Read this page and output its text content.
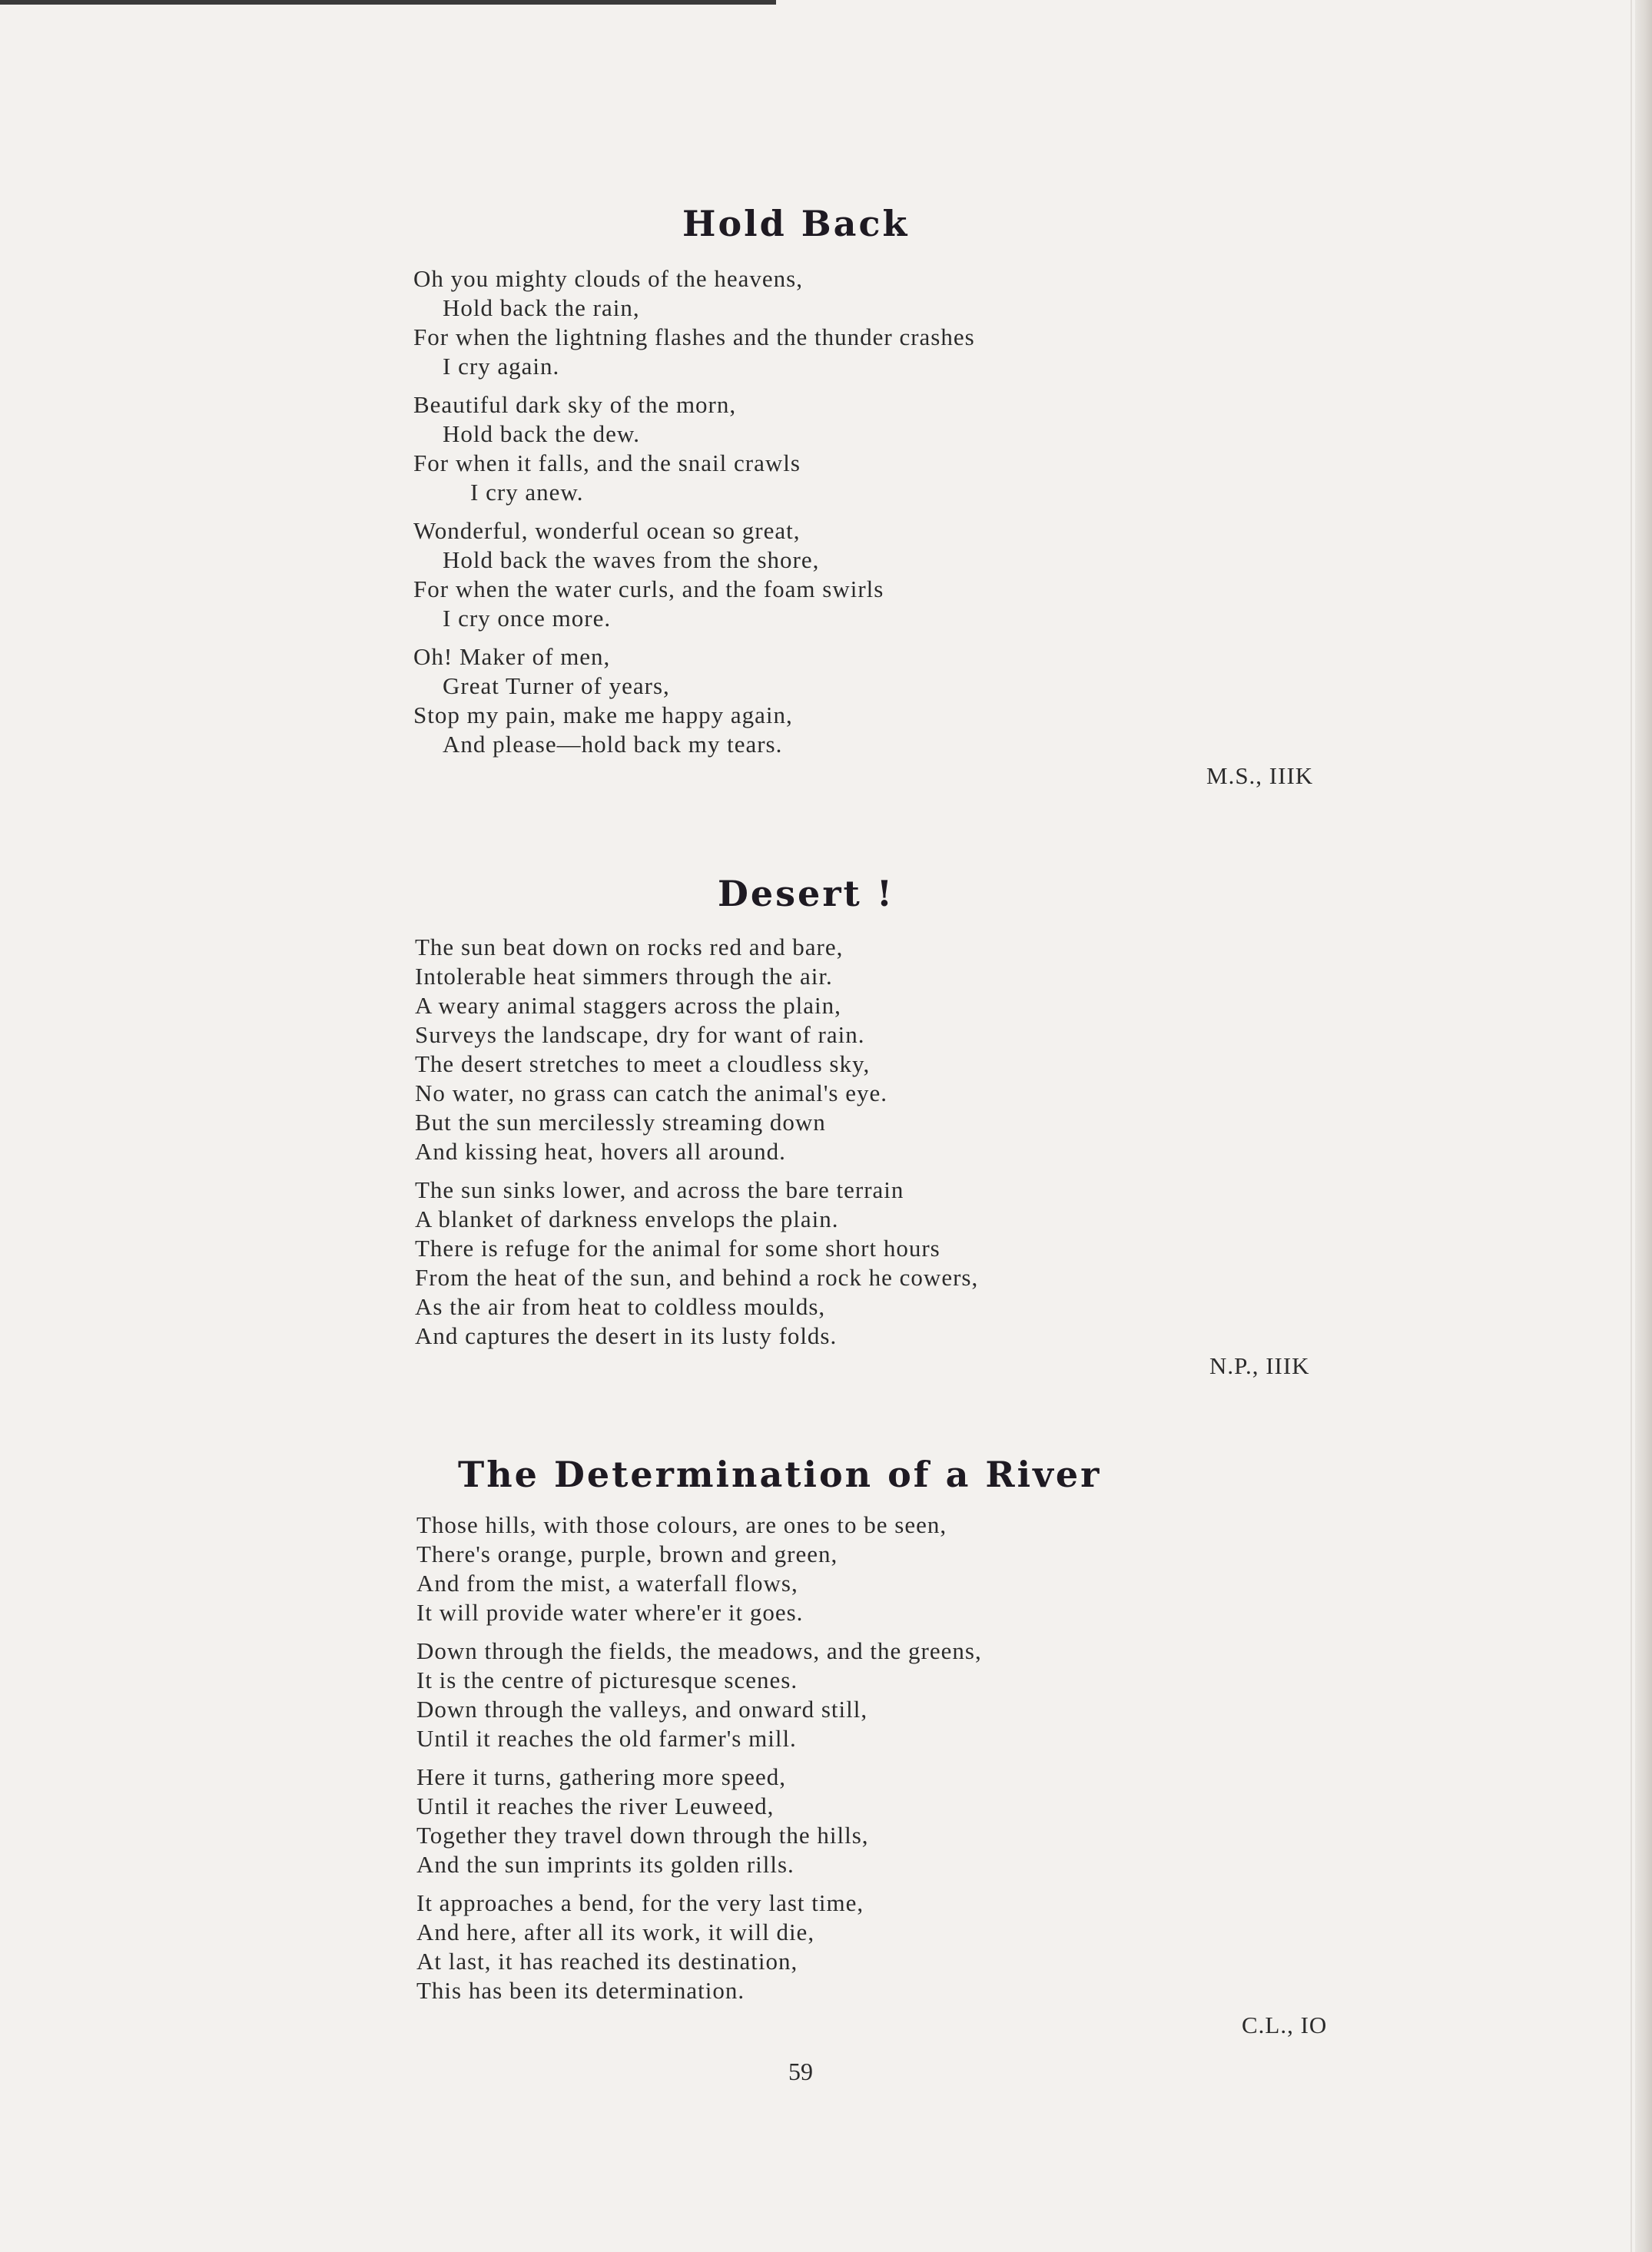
Hold Back
Oh you mighty clouds of the heavens,
Hold back the rain,
For when the lightning flashes and the thunder crashes
I cry again.
Beautiful dark sky of the morn,
Hold back the dew.
For when it falls, and the snail crawls
I cry anew.
Wonderful, wonderful ocean so great,
Hold back the waves from the shore,
For when the water curls, and the foam swirls
I cry once more.
Oh! Maker of men,
Great Turner of years,
Stop my pain, make me happy again,
And please—hold back my tears.
M.S., IIIK
Desert !
The sun beat down on rocks red and bare,
Intolerable heat simmers through the air.
A weary animal staggers across the plain,
Surveys the landscape, dry for want of rain.
The desert stretches to meet a cloudless sky,
No water, no grass can catch the animal's eye.
But the sun mercilessly streaming down
And kissing heat, hovers all around.
The sun sinks lower, and across the bare terrain
A blanket of darkness envelops the plain.
There is refuge for the animal for some short hours
From the heat of the sun, and behind a rock he cowers,
As the air from heat to coldless moulds,
And captures the desert in its lusty folds.
N.P., IIIK
The Determination of a River
Those hills, with those colours, are ones to be seen,
There's orange, purple, brown and green,
And from the mist, a waterfall flows,
It will provide water where'er it goes.
Down through the fields, the meadows, and the greens,
It is the centre of picturesque scenes.
Down through the valleys, and onward still,
Until it reaches the old farmer's mill.
Here it turns, gathering more speed,
Until it reaches the river Leuweed,
Together they travel down through the hills,
And the sun imprints its golden rills.
It approaches a bend, for the very last time,
And here, after all its work, it will die,
At last, it has reached its destination,
This has been its determination.
C.L., IO
59
